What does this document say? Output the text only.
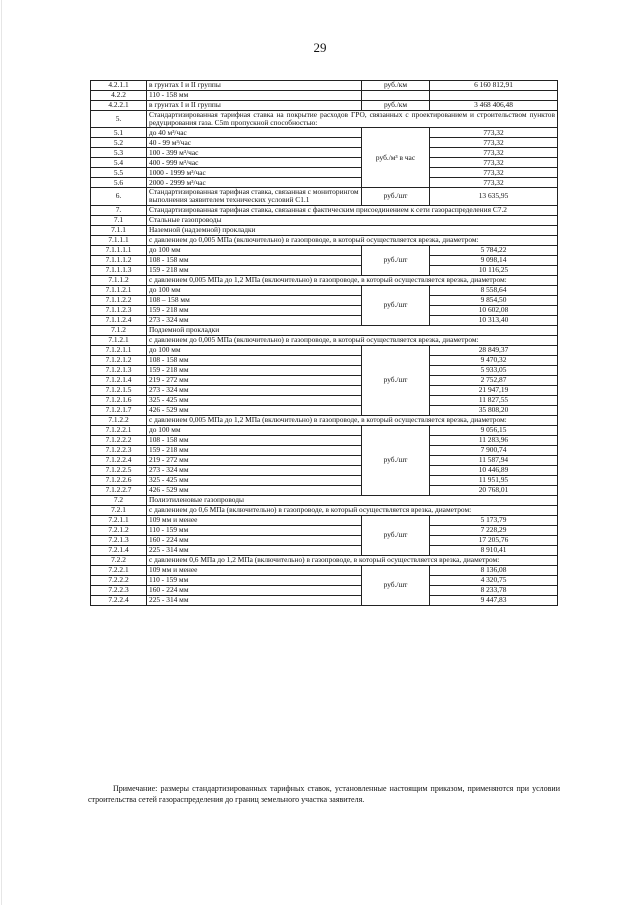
29
4.2.1.1	в грунтах I и II группы	руб./км	6 160 812,91
4.2.2	110 - 158 мм		
4.2.2.1	в грунтах I и II группы	руб./км	3 468 406,48
5.	Стандартизированная тарифная ставка на покрытие расходов ГРО, связанных с проектированием и строительством пунктов редуцирования газа. C5m пропускной способностью:		
5.1	до 40 м³/час	руб./м³ в час	773,32
5.2	40 - 99 м³/час		773,32
5.3	100 - 399 м³/час		773,32
5.4	400 - 999 м³/час		773,32
5.5	1000 - 1999 м³/час		773,32
5.6	2000 - 2999 м³/час		773,32
6.	Стандартизированная тарифная ставка, связанная с мониторингом выполнения заявителем технических условий C1.1	руб./шт	13 635,95
7.	Стандартизированная тарифная ставка, связанная с фактическим присоединением к сети газораспределения C7.2		
7.1	Стальные газопроводы		
7.1.1	Наземной (надземной) прокладки		
7.1.1.1	с давлением до 0,005 МПа (включительно) в газопроводе, в который осуществляется врезка, диаметром:		
7.1.1.1.1	до 100 мм	руб./шт	5 784,22
7.1.1.1.2	108 - 158 мм		9 098,14
7.1.1.1.3	159 - 218 мм		10 116,25
7.1.1.2	с давлением 0,005 МПа до 1,2 МПа (включительно) в газопроводе, в который осуществляется врезка, диаметром:		
7.1.1.2.1	до 100 мм	руб./шт	8 558,64
7.1.1.2.2	108 – 158 мм		9 854,50
7.1.1.2.3	159 - 218 мм		10 602,08
7.1.1.2.4	273 - 324 мм		10 313,40
7.1.2	Подземной прокладки		
7.1.2.1	с давлением до 0,005 МПа (включительно) в газопроводе, в который осуществляется врезка, диаметром:		
7.1.2.1.1	до 100 мм	руб./шт	28 849,37
7.1.2.1.2	108 - 158 мм		9 470,32
7.1.2.1.3	159 - 218 мм		5 933,05
7.1.2.1.4	219 - 272 мм		2 752,87
7.1.2.1.5	273 - 324 мм		21 947,19
7.1.2.1.6	325 - 425 мм		11 827,55
7.1.2.1.7	426 - 529 мм		35 808,20
7.1.2.2	с давлением 0,005 МПа до 1,2 МПа (включительно) в газопроводе, в который осуществляется врезка, диаметром:		
7.1.2.2.1	до 100 мм	руб./шт	9 056,15
7.1.2.2.2	108 - 158 мм		11 283,96
7.1.2.2.3	159 - 218 мм		7 900,74
7.1.2.2.4	219 - 272 мм		11 587,94
7.1.2.2.5	273 - 324 мм		10 446,89
7.1.2.2.6	325 - 425 мм		11 951,95
7.1.2.2.7	426 - 529 мм		20 768,01
7.2	Полиэтиленовые газопроводы		
7.2.1	с давлением до 0,6 МПа (включительно) в газопроводе, в который осуществляется врезка, диаметром:		
7.2.1.1	109 мм и менее	руб./шт	5 173,79
7.2.1.2	110 - 159 мм		7 228,29
7.2.1.3	160 - 224 мм		17 205,76
7.2.1.4	225 - 314 мм		8 910,41
7.2.2	с давлением 0,6 МПа до 1,2 МПа (включительно) в газопроводе, в который осуществляется врезка, диаметром:		
7.2.2.1	109 мм и менее	руб./шт	8 136,08
7.2.2.2	110 - 159 мм		4 320,75
7.2.2.3	160 - 224 мм		8 233,78
7.2.2.4	225 - 314 мм		9 447,83
Примечание: размеры стандартизированных тарифных ставок, установленные настоящим приказом, применяются при условии строительства сетей газораспределения до границ земельного участка заявителя.
